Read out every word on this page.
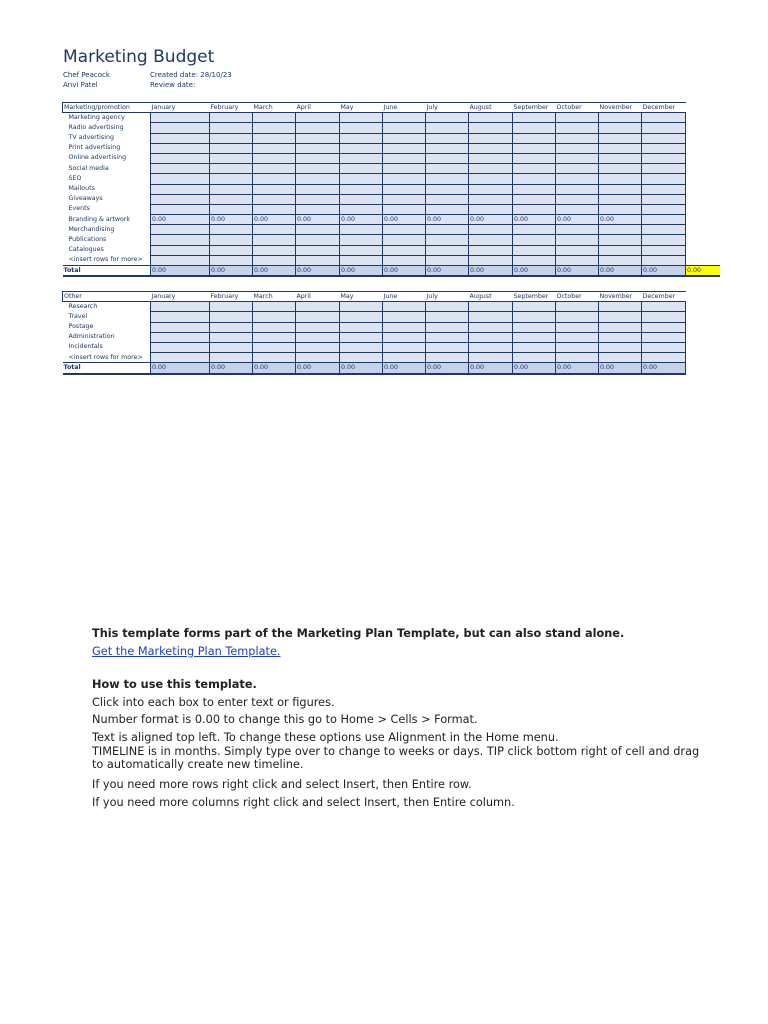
Marketing Budget
Chef Peacock
Anvi Patel
Created date: 28/10/23
Review date:
Marketing/promotion	January	February	March	April	May	June	July	August	September	October	November	December	
Marketing agency													
Radio advertising													
TV advertising													
Print advertising													
Online advertising													
Social media													
SEO													
Mailouts													
Giveaways													
Events													
Branding & artwork	0.00	0.00	0.00	0.00	0.00	0.00	0.00	0.00	0.00	0.00	0.00		
Merchandising													
Publications													
Catalogues													
<insert rows for more>													
Total	0.00	0.00	0.00	0.00	0.00	0.00	0.00	0.00	0.00	0.00	0.00	0.00	0.00
Other	January	February	March	April	May	June	July	August	September	October	November	December
Research												
Travel												
Postage												
Administration												
Incidentals												
<insert rows for more>												
Total	0.00	0.00	0.00	0.00	0.00	0.00	0.00	0.00	0.00	0.00	0.00	0.00
This template forms part of the Marketing Plan Template, but can also stand alone.
Get the Marketing Plan Template.
How to use this template.
Click into each box to enter text or figures.
Number format is 0.00 to change this go to Home > Cells > Format.
Text is aligned top left. To change these options use Alignment in the Home menu.
TIMELINE is in months. Simply type over to change to weeks or days. TIP click bottom right of cell and drag to automatically create new timeline.
If you need more rows right click and select Insert, then Entire row.
If you need more columns right click and select Insert, then Entire column.
